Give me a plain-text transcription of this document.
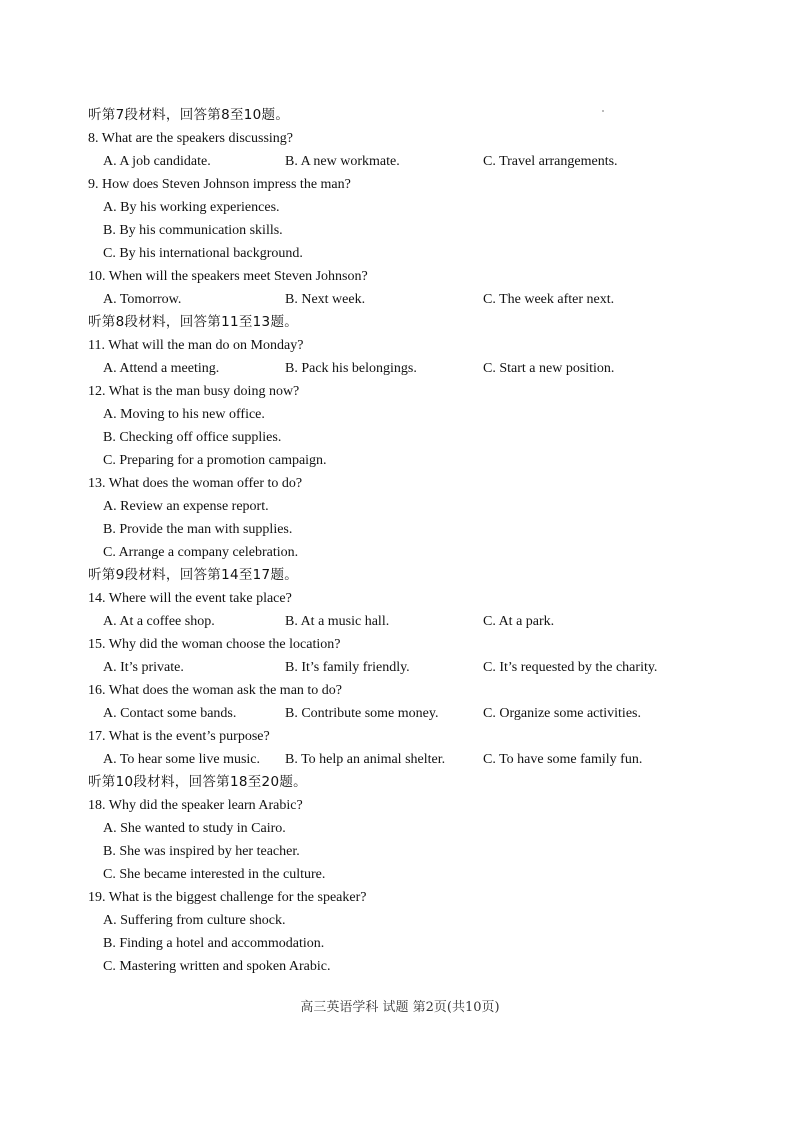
听第7段材料，回答第8至10题。
8. What are the speakers discussing?
A. A job candidate.	B. A new workmate.	C. Travel arrangements.
9. How does Steven Johnson impress the man?
A. By his working experiences.
B. By his communication skills.
C. By his international background.
10. When will the speakers meet Steven Johnson?
A. Tomorrow.	B. Next week.	C. The week after next.
听第8段材料，回答第11至13题。
11. What will the man do on Monday?
A. Attend a meeting.	B. Pack his belongings.	C. Start a new position.
12. What is the man busy doing now?
A. Moving to his new office.
B. Checking off office supplies.
C. Preparing for a promotion campaign.
13. What does the woman offer to do?
A. Review an expense report.
B. Provide the man with supplies.
C. Arrange a company celebration.
听第9段材料，回答第14至17题。
14. Where will the event take place?
A. At a coffee shop.	B. At a music hall.	C. At a park.
15. Why did the woman choose the location?
A. It’s private.	B. It’s family friendly.	C. It’s requested by the charity.
16. What does the woman ask the man to do?
A. Contact some bands.	B. Contribute some money.	C. Organize some activities.
17. What is the event’s purpose?
A. To hear some live music. B. To help an animal shelter.	C. To have some family fun.
听第10段材料，回答第18至20题。
18. Why did the speaker learn Arabic?
A. She wanted to study in Cairo.
B. She was inspired by her teacher.
C. She became interested in the culture.
19. What is the biggest challenge for the speaker?
A. Suffering from culture shock.
B. Finding a hotel and accommodation.
C. Mastering written and spoken Arabic.
高三英语学科 试题 第2页(共10页)
